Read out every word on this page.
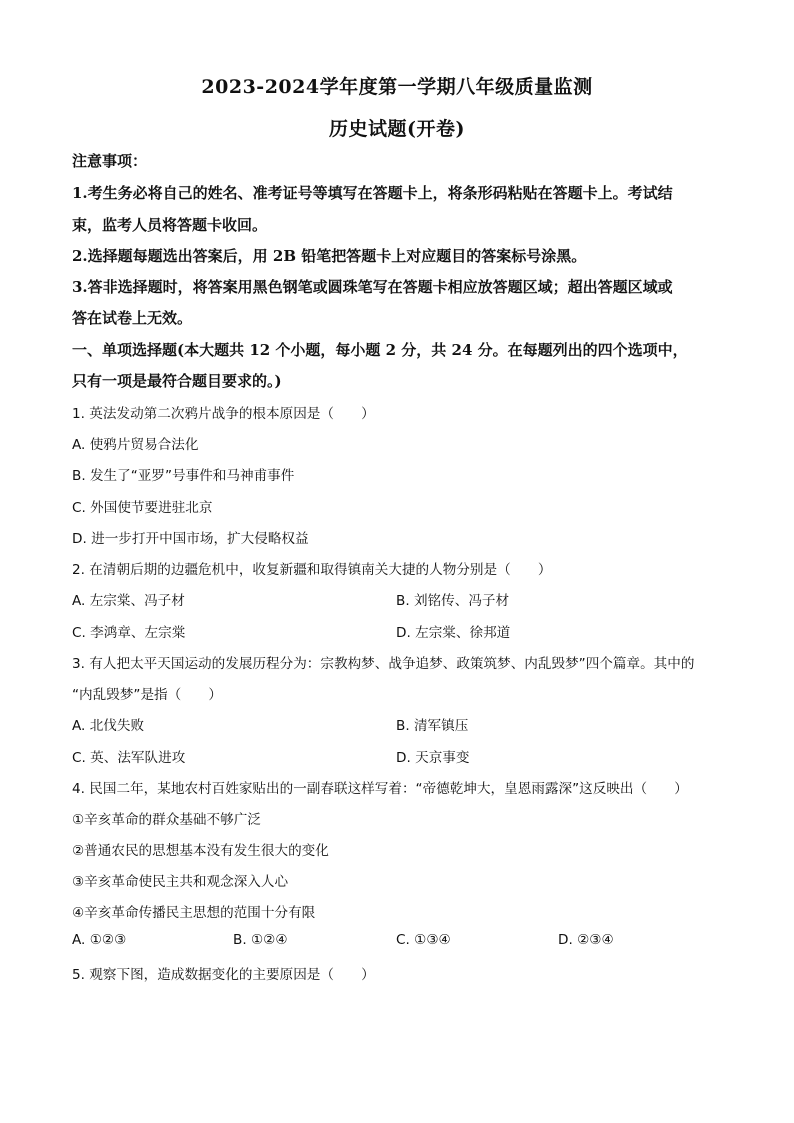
2023-2024学年度第一学期八年级质量监测
历史试题(开卷)
注意事项：
1.考生务必将自己的姓名、准考证号等填写在答题卡上，将条形码粘贴在答题卡上。考试结
束，监考人员将答题卡收回。
2.选择题每题选出答案后，用 2B 铅笔把答题卡上对应题目的答案标号涂黑。
3.答非选择题时，将答案用黑色钢笔或圆珠笔写在答题卡相应放答题区域；超出答题区域或
答在试卷上无效。
一、单项选择题(本大题共 12 个小题，每小题 2 分，共 24 分。在每题列出的四个选项中，
只有一项是最符合题目要求的。)
1. 英法发动第二次鸦片战争的根本原因是（　　）
A. 使鸦片贸易合法化
B. 发生了“亚罗”号事件和马神甫事件
C. 外国使节要进驻北京
D. 进一步打开中国市场，扩大侵略权益
2. 在清朝后期的边疆危机中，收复新疆和取得镇南关大捷的人物分别是（　　）
A. 左宗棠、冯子材	B. 刘铭传、冯子材
C. 李鸿章、左宗棠	D. 左宗棠、徐邦道
3. 有人把太平天国运动的发展历程分为：宗教构梦、战争追梦、政策筑梦、内乱毁梦”四个篇章。其中的
“内乱毁梦”是指（　　）
A. 北伐失败	B. 清军镇压
C. 英、法军队进攻	D. 天京事变
4. 民国二年，某地农村百姓家贴出的一副春联这样写着：“帝德乾坤大，皇恩雨露深”这反映出（　　）
①辛亥革命的群众基础不够广泛
②普通农民的思想基本没有发生很大的变化
③辛亥革命使民主共和观念深入人心
④辛亥革命传播民主思想的范围十分有限
A. ①②③	B. ①②④	C. ①③④	D. ②③④
5. 观察下图，造成数据变化的主要原因是（　　）
